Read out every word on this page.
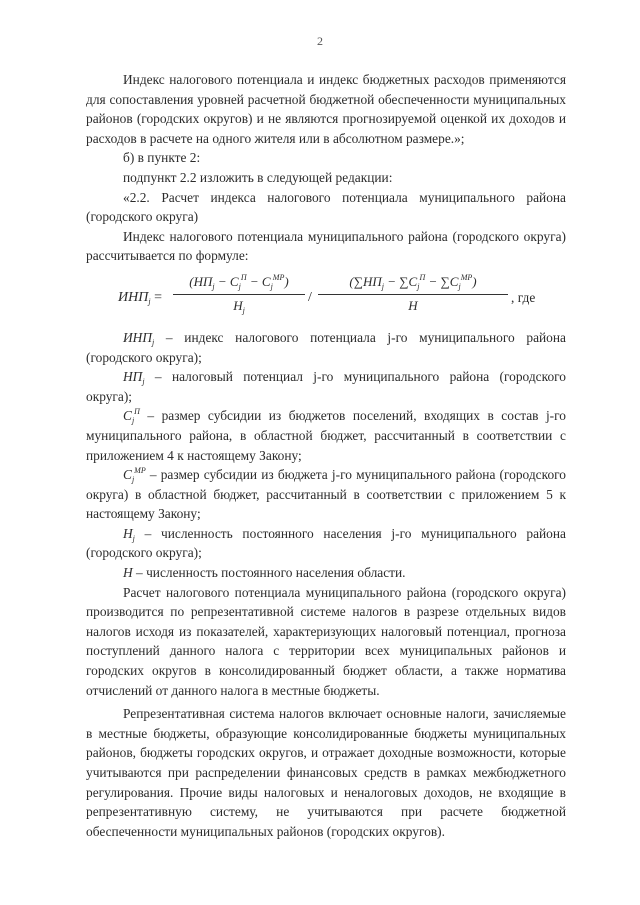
2

Индекс налогового потенциала и индекс бюджетных расходов применяются для сопоставления уровней расчетной бюджетной обеспеченности муниципальных районов (городских округов) и не являются прогнозируемой оценкой их доходов и расходов в расчете на одного жителя или в абсолютном размере.»;

б) в пункте 2:

подпункт 2.2 изложить в следующей редакции:

«2.2. Расчет индекса налогового потенциала муниципального района (городского округа)

Индекс налогового потенциала муниципального района (городского округа) рассчитывается по формуле:

$ИНП_j$ =
$(НП_j - C_j^П - C_j^{МР})$
$H_j$
/
$(\sum НП_j - \sum C_j^П - \sum C_j^{МР})$
H
, где

$ИНП_j$ – индекс налогового потенциала j-го муниципального района (городского округа);

$НП_j$ – налоговый потенциал j-го муниципального района (городского округа);

$C_j^П$ – размер субсидии из бюджетов поселений, входящих в состав j-го муниципального района, в областной бюджет, рассчитанный в соответствии с приложением 4 к настоящему Закону;

$C_j^{МР}$ – размер субсидии из бюджета j-го муниципального района (городского округа) в областной бюджет, рассчитанный в соответствии с приложением 5 к настоящему Закону;

$H_j$ – численность постоянного населения j-го муниципального района (городского округа);

H – численность постоянного населения области.

Расчет налогового потенциала муниципального района (городского округа) производится по репрезентативной системе налогов в разрезе отдельных видов налогов исходя из показателей, характеризующих налоговый потенциал, прогноза поступлений данного налога с территории всех муниципальных районов и городских округов в консолидированный бюджет области, а также норматива отчислений от данного налога в местные бюджеты.

Репрезентативная система налогов включает основные налоги, зачисляемые в местные бюджеты, образующие консолидированные бюджеты муниципальных районов, бюджеты городских округов, и отражает доходные возможности, которые учитываются при распределении финансовых средств в рамках межбюджетного регулирования. Прочие виды налоговых и неналоговых доходов, не входящие в репрезентативную систему, не учитываются при расчете бюджетной обеспеченности муниципальных районов (городских округов).
